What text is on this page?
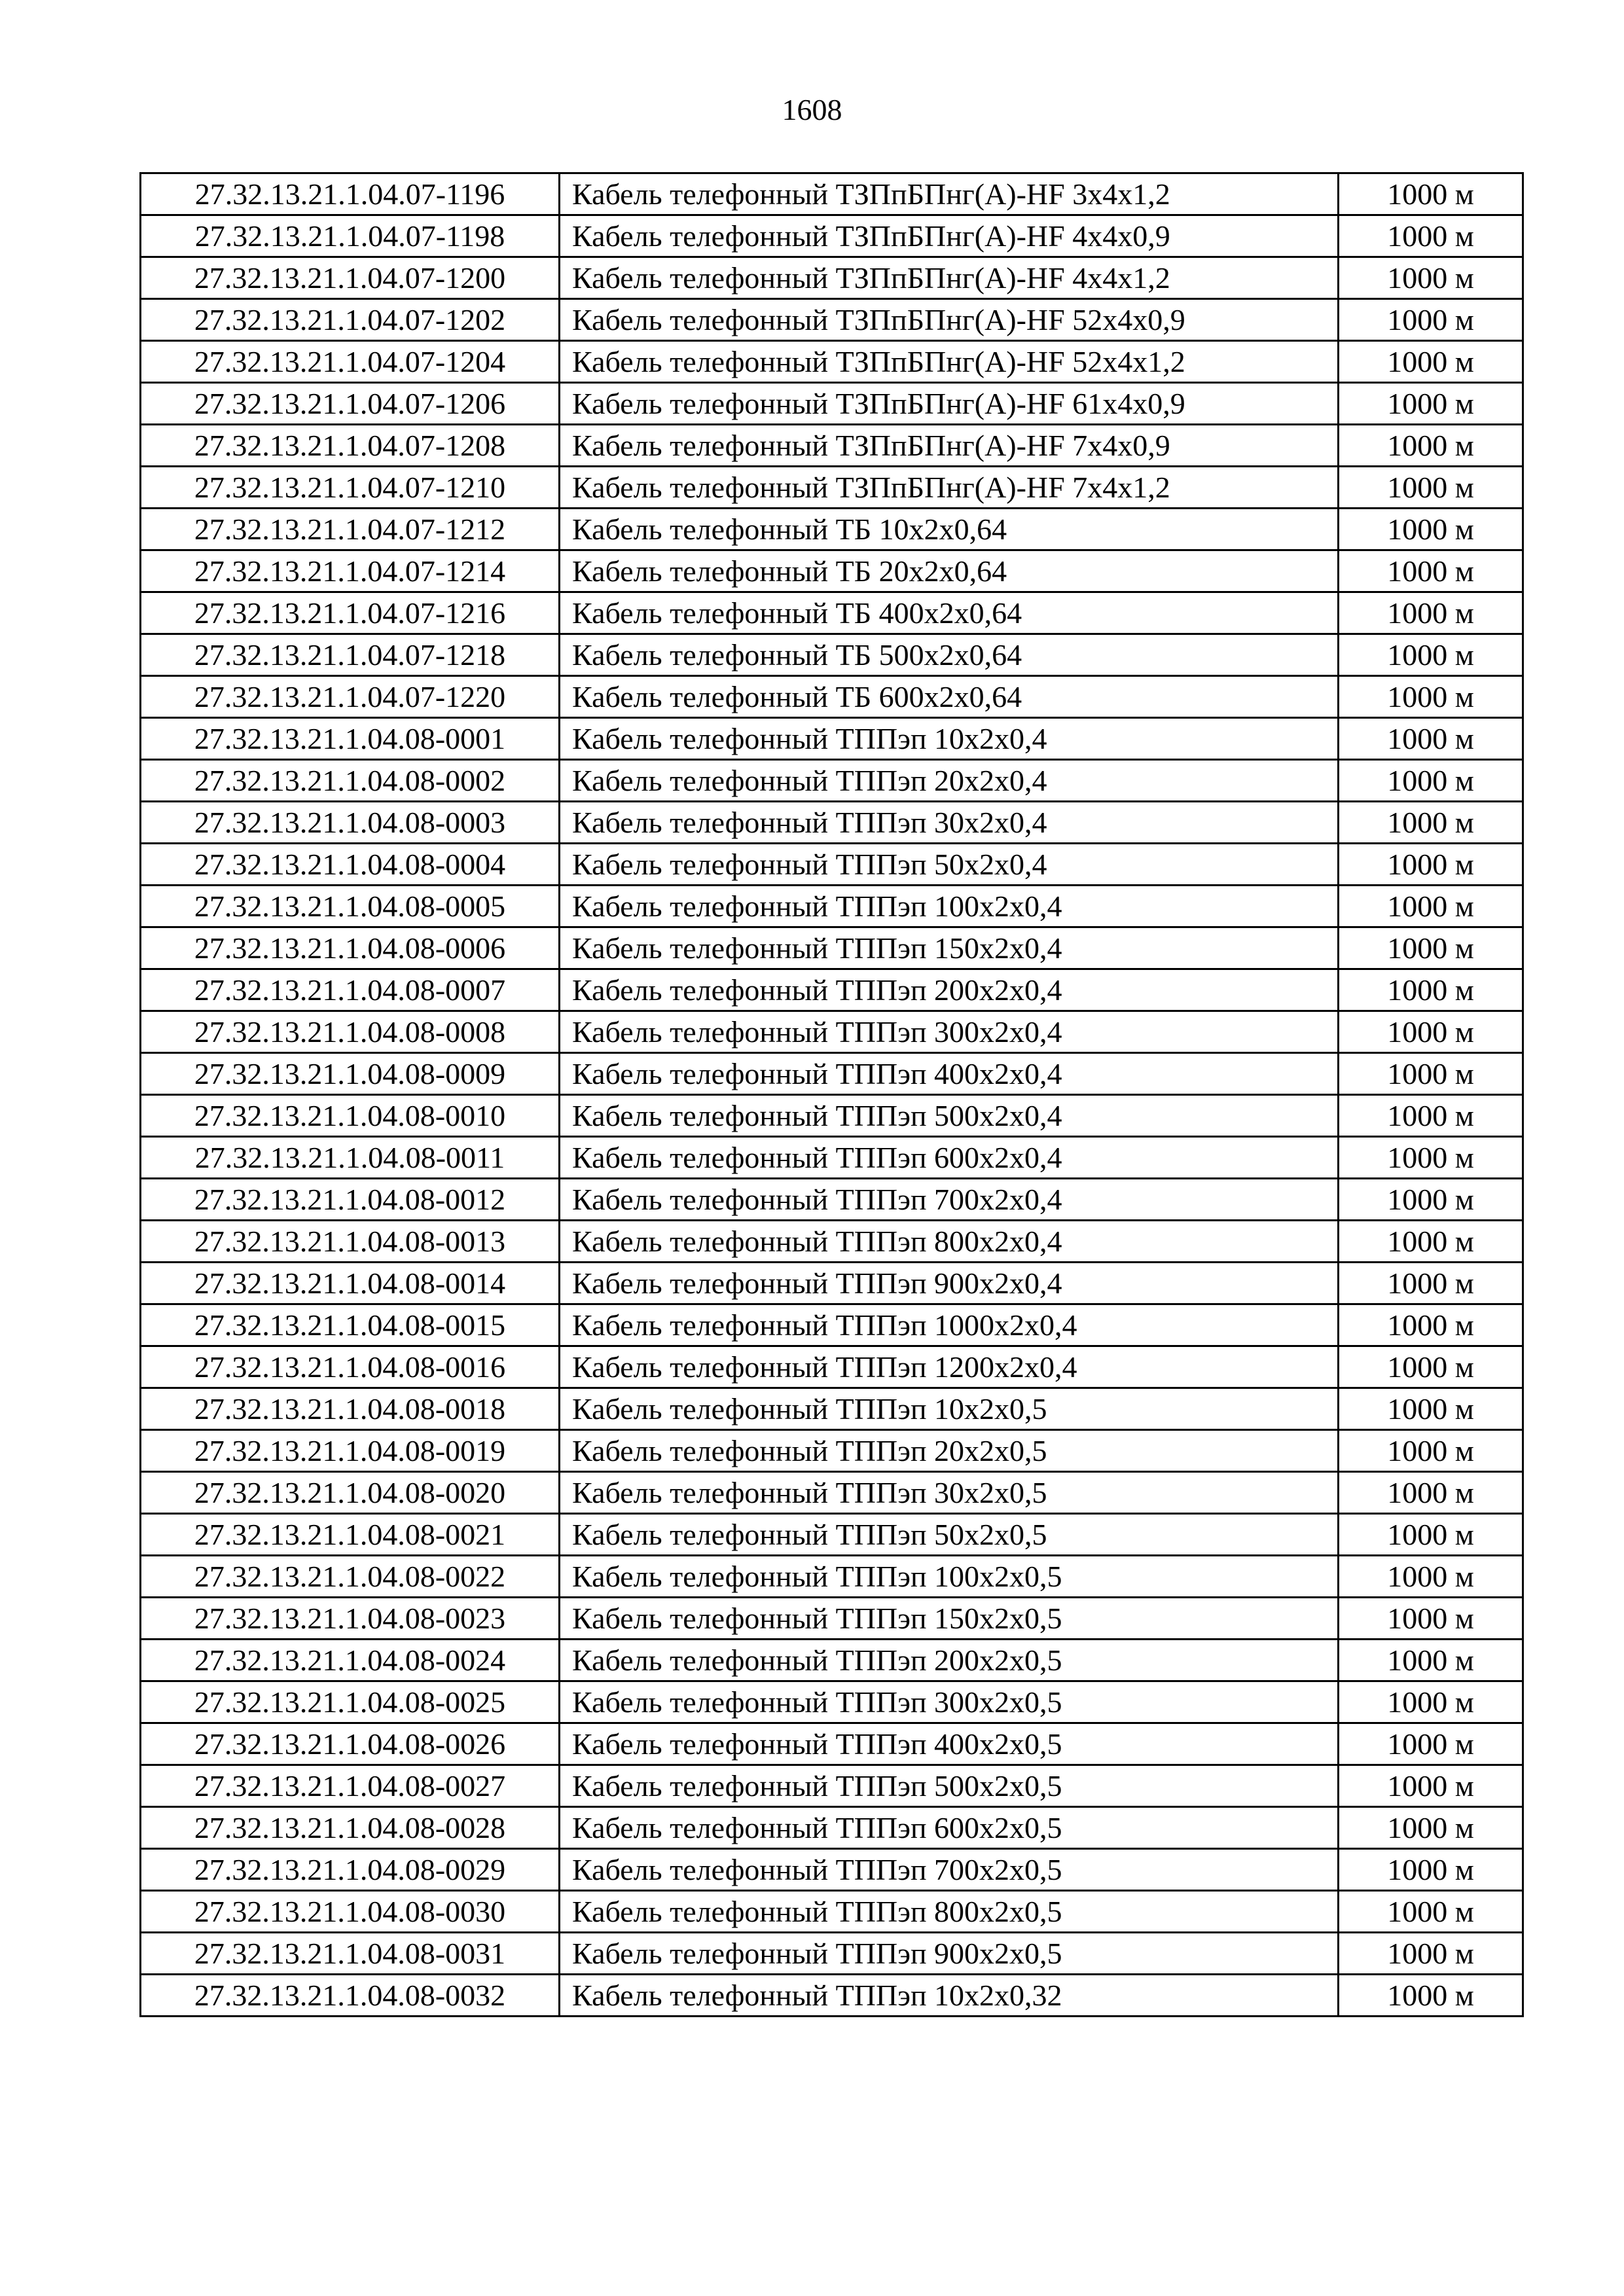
1608
27.32.13.21.1.04.07-1196	Кабель телефонный ТЗПпБПнг(А)-HF 3х4х1,2	1000 м
27.32.13.21.1.04.07-1198	Кабель телефонный ТЗПпБПнг(А)-HF 4х4х0,9	1000 м
27.32.13.21.1.04.07-1200	Кабель телефонный ТЗПпБПнг(А)-HF 4х4х1,2	1000 м
27.32.13.21.1.04.07-1202	Кабель телефонный ТЗПпБПнг(А)-HF 52х4х0,9	1000 м
27.32.13.21.1.04.07-1204	Кабель телефонный ТЗПпБПнг(А)-HF 52х4х1,2	1000 м
27.32.13.21.1.04.07-1206	Кабель телефонный ТЗПпБПнг(А)-HF 61х4х0,9	1000 м
27.32.13.21.1.04.07-1208	Кабель телефонный ТЗПпБПнг(А)-HF 7х4х0,9	1000 м
27.32.13.21.1.04.07-1210	Кабель телефонный ТЗПпБПнг(А)-HF 7х4х1,2	1000 м
27.32.13.21.1.04.07-1212	Кабель телефонный ТБ 10х2х0,64	1000 м
27.32.13.21.1.04.07-1214	Кабель телефонный ТБ 20х2х0,64	1000 м
27.32.13.21.1.04.07-1216	Кабель телефонный ТБ 400х2х0,64	1000 м
27.32.13.21.1.04.07-1218	Кабель телефонный ТБ 500х2х0,64	1000 м
27.32.13.21.1.04.07-1220	Кабель телефонный ТБ 600х2х0,64	1000 м
27.32.13.21.1.04.08-0001	Кабель телефонный ТППэп 10х2х0,4	1000 м
27.32.13.21.1.04.08-0002	Кабель телефонный ТППэп 20х2х0,4	1000 м
27.32.13.21.1.04.08-0003	Кабель телефонный ТППэп 30х2х0,4	1000 м
27.32.13.21.1.04.08-0004	Кабель телефонный ТППэп 50х2х0,4	1000 м
27.32.13.21.1.04.08-0005	Кабель телефонный ТППэп 100х2х0,4	1000 м
27.32.13.21.1.04.08-0006	Кабель телефонный ТППэп 150х2х0,4	1000 м
27.32.13.21.1.04.08-0007	Кабель телефонный ТППэп 200х2х0,4	1000 м
27.32.13.21.1.04.08-0008	Кабель телефонный ТППэп 300х2х0,4	1000 м
27.32.13.21.1.04.08-0009	Кабель телефонный ТППэп 400х2х0,4	1000 м
27.32.13.21.1.04.08-0010	Кабель телефонный ТППэп 500х2х0,4	1000 м
27.32.13.21.1.04.08-0011	Кабель телефонный ТППэп 600х2х0,4	1000 м
27.32.13.21.1.04.08-0012	Кабель телефонный ТППэп 700х2х0,4	1000 м
27.32.13.21.1.04.08-0013	Кабель телефонный ТППэп 800х2х0,4	1000 м
27.32.13.21.1.04.08-0014	Кабель телефонный ТППэп 900х2х0,4	1000 м
27.32.13.21.1.04.08-0015	Кабель телефонный ТППэп 1000х2х0,4	1000 м
27.32.13.21.1.04.08-0016	Кабель телефонный ТППэп 1200х2х0,4	1000 м
27.32.13.21.1.04.08-0018	Кабель телефонный ТППэп 10х2х0,5	1000 м
27.32.13.21.1.04.08-0019	Кабель телефонный ТППэп 20х2х0,5	1000 м
27.32.13.21.1.04.08-0020	Кабель телефонный ТППэп 30х2х0,5	1000 м
27.32.13.21.1.04.08-0021	Кабель телефонный ТППэп 50х2х0,5	1000 м
27.32.13.21.1.04.08-0022	Кабель телефонный ТППэп 100х2х0,5	1000 м
27.32.13.21.1.04.08-0023	Кабель телефонный ТППэп 150х2х0,5	1000 м
27.32.13.21.1.04.08-0024	Кабель телефонный ТППэп 200х2х0,5	1000 м
27.32.13.21.1.04.08-0025	Кабель телефонный ТППэп 300х2х0,5	1000 м
27.32.13.21.1.04.08-0026	Кабель телефонный ТППэп 400х2х0,5	1000 м
27.32.13.21.1.04.08-0027	Кабель телефонный ТППэп 500х2х0,5	1000 м
27.32.13.21.1.04.08-0028	Кабель телефонный ТППэп 600х2х0,5	1000 м
27.32.13.21.1.04.08-0029	Кабель телефонный ТППэп 700х2х0,5	1000 м
27.32.13.21.1.04.08-0030	Кабель телефонный ТППэп 800х2х0,5	1000 м
27.32.13.21.1.04.08-0031	Кабель телефонный ТППэп 900х2х0,5	1000 м
27.32.13.21.1.04.08-0032	Кабель телефонный ТППэп 10х2х0,32	1000 м
